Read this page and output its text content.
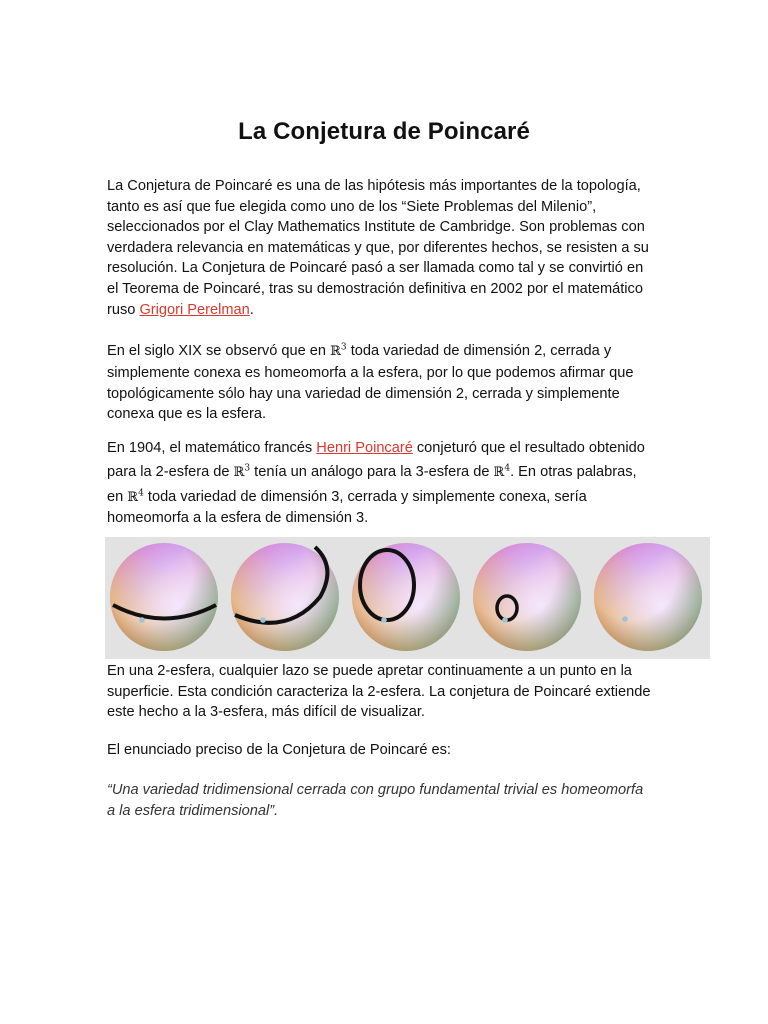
La Conjetura de Poincaré

La Conjetura de Poincaré es una de las hipótesis más importantes de la topología,
tanto es así que fue elegida como uno de los “Siete Problemas del Milenio”,
seleccionados por el Clay Mathematics Institute de Cambridge. Son problemas con
verdadera relevancia en matemáticas y que, por diferentes hechos, se resisten a su
resolución. La Conjetura de Poincaré pasó a ser llamada como tal y se convirtió en
el Teorema de Poincaré, tras su demostración definitiva en 2002 por el matemático
ruso Grigori Perelman.

En el siglo XIX se observó que en ℝ$^3$ toda variedad de dimensión 2, cerrada y
simplemente conexa es homeomorfa a la esfera, por lo que podemos afirmar que
topológicamente sólo hay una variedad de dimensión 2, cerrada y simplemente
conexa que es la esfera.

En 1904, el matemático francés Henri Poincaré conjeturó que el resultado obtenido
para la 2-esfera de ℝ$^3$ tenía un análogo para la 3-esfera de ℝ$^4$. En otras palabras,
en ℝ$^4$ toda variedad de dimensión 3, cerrada y simplemente conexa, sería
homeomorfa a la esfera de dimensión 3.

En una 2-esfera, cualquier lazo se puede apretar continuamente a un punto en la
superficie. Esta condición caracteriza la 2-esfera. La conjetura de Poincaré extiende
este hecho a la 3-esfera, más difícil de visualizar.

El enunciado preciso de la Conjetura de Poincaré es:

“Una variedad tridimensional cerrada con grupo fundamental trivial es homeomorfa
a la esfera tridimensional”.
